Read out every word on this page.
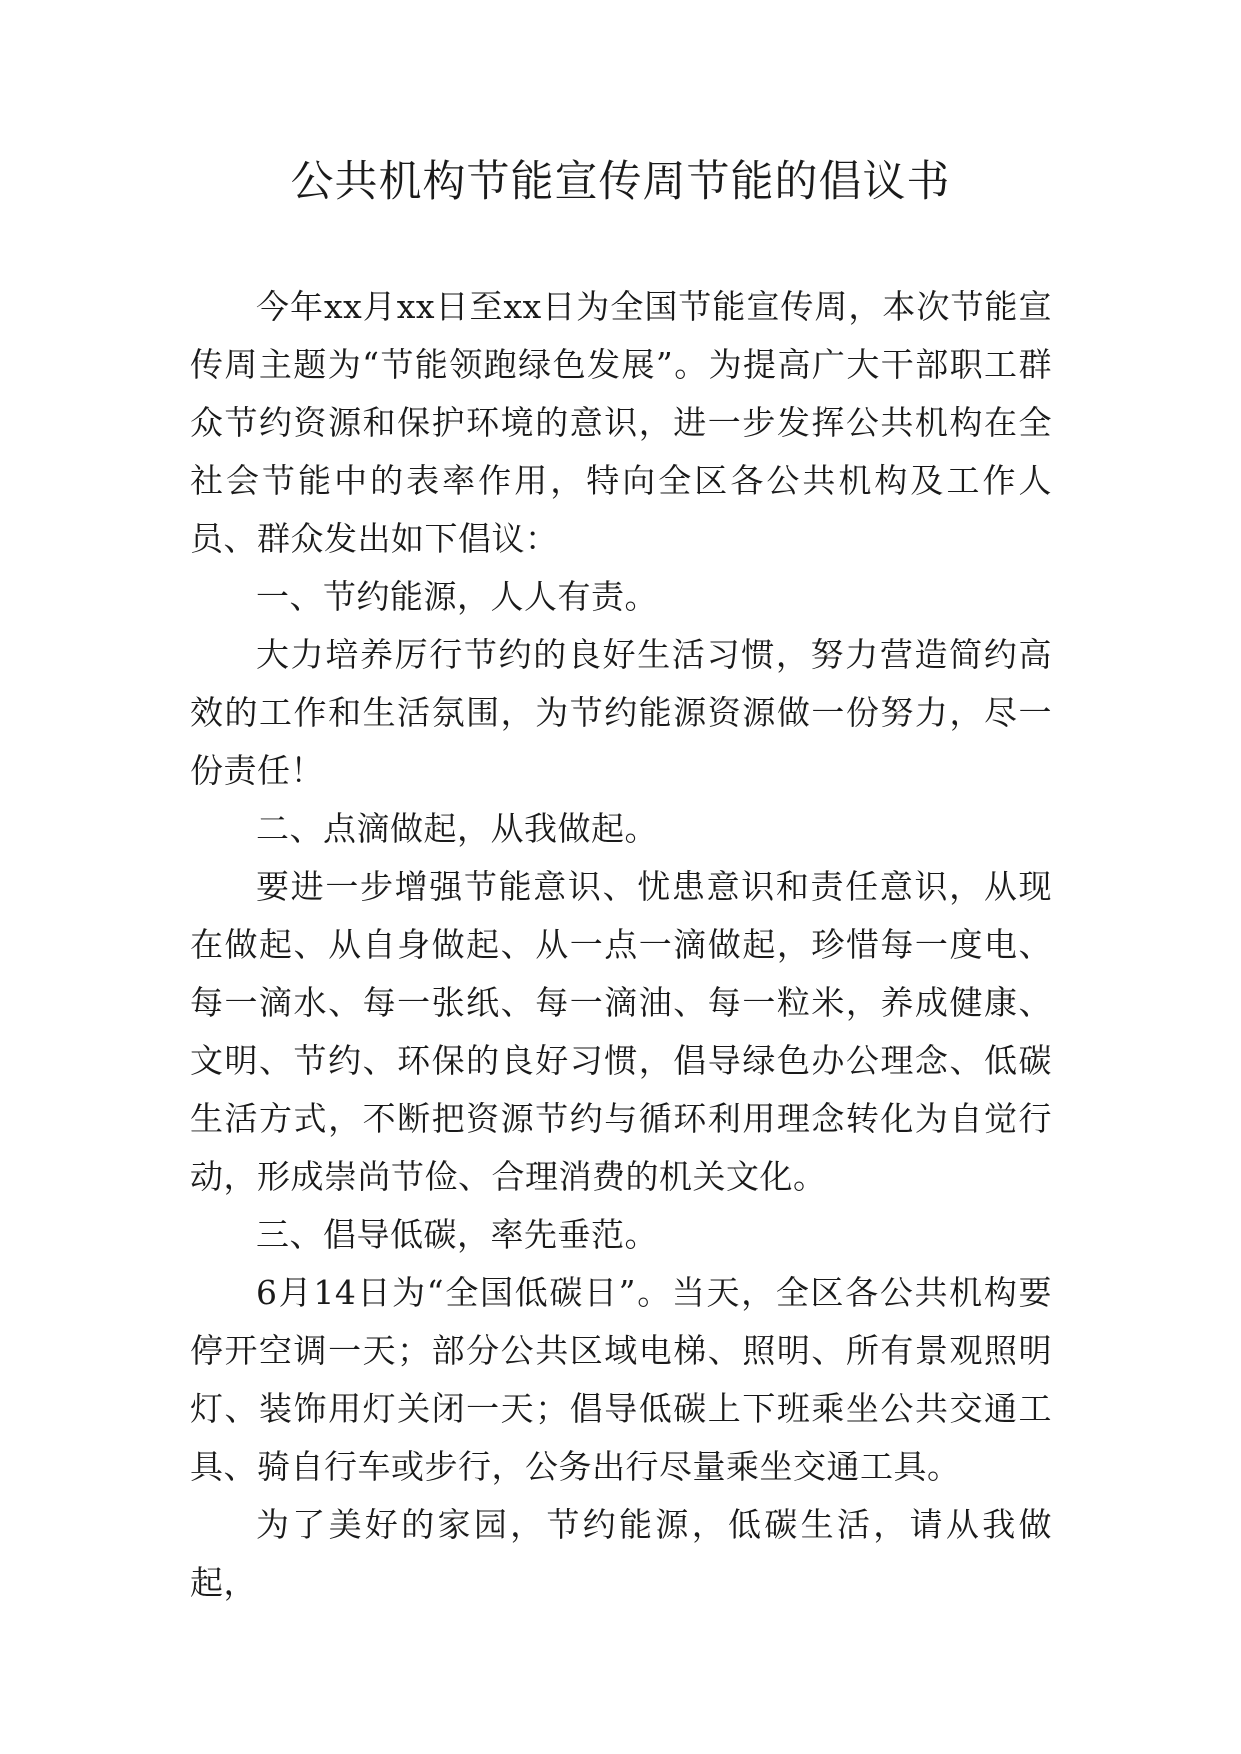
公共机构节能宣传周节能的倡议书

今年xx月xx日至xx日为全国节能宣传周，本次节能宣传周主题为“节能领跑绿色发展”。为提高广大干部职工群众节约资源和保护环境的意识，进一步发挥公共机构在全社会节能中的表率作用，特向全区各公共机构及工作人员、群众发出如下倡议：

一、节约能源，人人有责。

大力培养厉行节约的良好生活习惯，努力营造简约高效的工作和生活氛围，为节约能源资源做一份努力，尽一份责任！

二、点滴做起，从我做起。

要进一步增强节能意识、忧患意识和责任意识，从现在做起、从自身做起、从一点一滴做起，珍惜每一度电、每一滴水、每一张纸、每一滴油、每一粒米，养成健康、文明、节约、环保的良好习惯，倡导绿色办公理念、低碳生活方式，不断把资源节约与循环利用理念转化为自觉行动，形成崇尚节俭、合理消费的机关文化。

三、倡导低碳，率先垂范。

6月14日为“全国低碳日”。当天，全区各公共机构要停开空调一天；部分公共区域电梯、照明、所有景观照明灯、装饰用灯关闭一天；倡导低碳上下班乘坐公共交通工具、骑自行车或步行，公务出行尽量乘坐交通工具。

为了美好的家园，节约能源，低碳生活，请从我做起，
